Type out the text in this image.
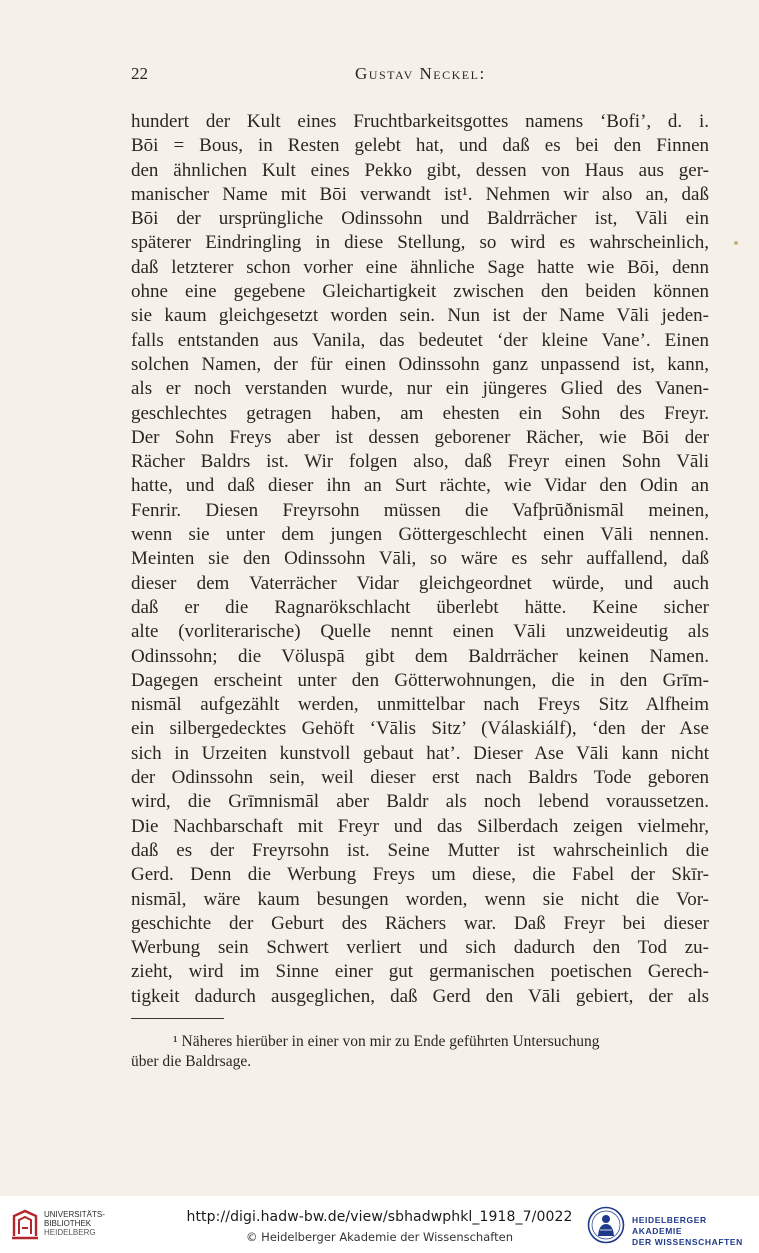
22	Gustav Neckel:
hundert der Kult eines Fruchtbarkeitsgottes namens ‘Bofi’, d. i.
Bōi = Bous, in Resten gelebt hat, und daß es bei den Finnen
den ähnlichen Kult eines Pekko gibt, dessen von Haus aus ger-
manischer Name mit Bōi verwandt ist¹. Nehmen wir also an, daß
Bōi der ursprüngliche Odinssohn und Baldrrächer ist, Vāli ein
späterer Eindringling in diese Stellung, so wird es wahrscheinlich,
daß letzterer schon vorher eine ähnliche Sage hatte wie Bōi, denn
ohne eine gegebene Gleichartigkeit zwischen den beiden können
sie kaum gleichgesetzt worden sein. Nun ist der Name Vāli jeden-
falls entstanden aus Vanila, das bedeutet ‘der kleine Vane’. Einen
solchen Namen, der für einen Odinssohn ganz unpassend ist, kann,
als er noch verstanden wurde, nur ein jüngeres Glied des Vanen-
geschlechtes getragen haben, am ehesten ein Sohn des Freyr.
Der Sohn Freys aber ist dessen geborener Rächer, wie Bōi der
Rächer Baldrs ist. Wir folgen also, daß Freyr einen Sohn Vāli
hatte, und daß dieser ihn an Surt rächte, wie Vidar den Odin an
Fenrir. Diesen Freyrsohn müssen die Vafþrūðnismāl meinen,
wenn sie unter dem jungen Göttergeschlecht einen Vāli nennen.
Meinten sie den Odinssohn Vāli, so wäre es sehr auffallend, daß
dieser dem Vaterrächer Vidar gleichgeordnet würde, und auch
daß er die Ragnarökschlacht überlebt hätte. Keine sicher
alte (vorliterarische) Quelle nennt einen Vāli unzweideutig als
Odinssohn; die Völuspā gibt dem Baldrrächer keinen Namen.
Dagegen erscheint unter den Götterwohnungen, die in den Grīm-
nismāl aufgezählt werden, unmittelbar nach Freys Sitz Alfheim
ein silbergedecktes Gehöft ‘Vālis Sitz’ (Válaskiálf), ‘den der Ase
sich in Urzeiten kunstvoll gebaut hat’. Dieser Ase Vāli kann nicht
der Odinssohn sein, weil dieser erst nach Baldrs Tode geboren
wird, die Grīmnismāl aber Baldr als noch lebend voraussetzen.
Die Nachbarschaft mit Freyr und das Silberdach zeigen vielmehr,
daß es der Freyrsohn ist. Seine Mutter ist wahrscheinlich die
Gerd. Denn die Werbung Freys um diese, die Fabel der Skīr-
nismāl, wäre kaum besungen worden, wenn sie nicht die Vor-
geschichte der Geburt des Rächers war. Daß Freyr bei dieser
Werbung sein Schwert verliert und sich dadurch den Tod zu-
zieht, wird im Sinne einer gut germanischen poetischen Gerech-
tigkeit dadurch ausgeglichen, daß Gerd den Vāli gebiert, der als
¹ Näheres hierüber in einer von mir zu Ende geführten Untersuchung
über die Baldrsage.
UNIVERSITÄTS-
BIBLIOTHEK
HEIDELBERG
http://digi.hadw-bw.de/view/sbhadwphkl_1918_7/0022
© Heidelberger Akademie der Wissenschaften
HEIDELBERGER AKADEMIE
DER WISSENSCHAFTEN
